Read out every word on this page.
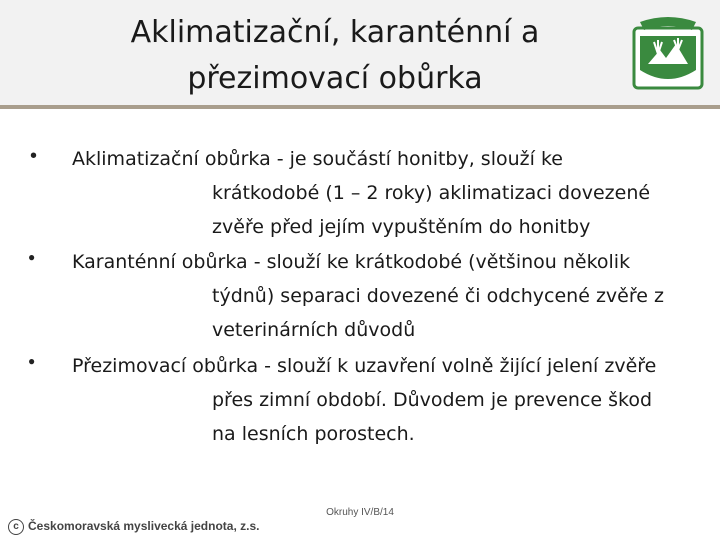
Aklimatizační, karanténní a
přezimovací obůrka
• Aklimatizační obůrka - je součástí honitby, slouží ke
krátkodobé (1 – 2 roky) aklimatizaci dovezené
zvěře před jejím vypuštěním do honitby
● Karanténní obůrka - slouží ke krátkodobé (většinou několik
týdnů) separaci dovezené či odchycené zvěře z
veterinárních důvodů
● Přezimovací obůrka - slouží k uzavření volně žijící jelení zvěře
přes zimní období. Důvodem je prevence škod
na lesních porostech.
Okruhy IV/B/14
c Českomoravská myslivecká jednota, z.s.
